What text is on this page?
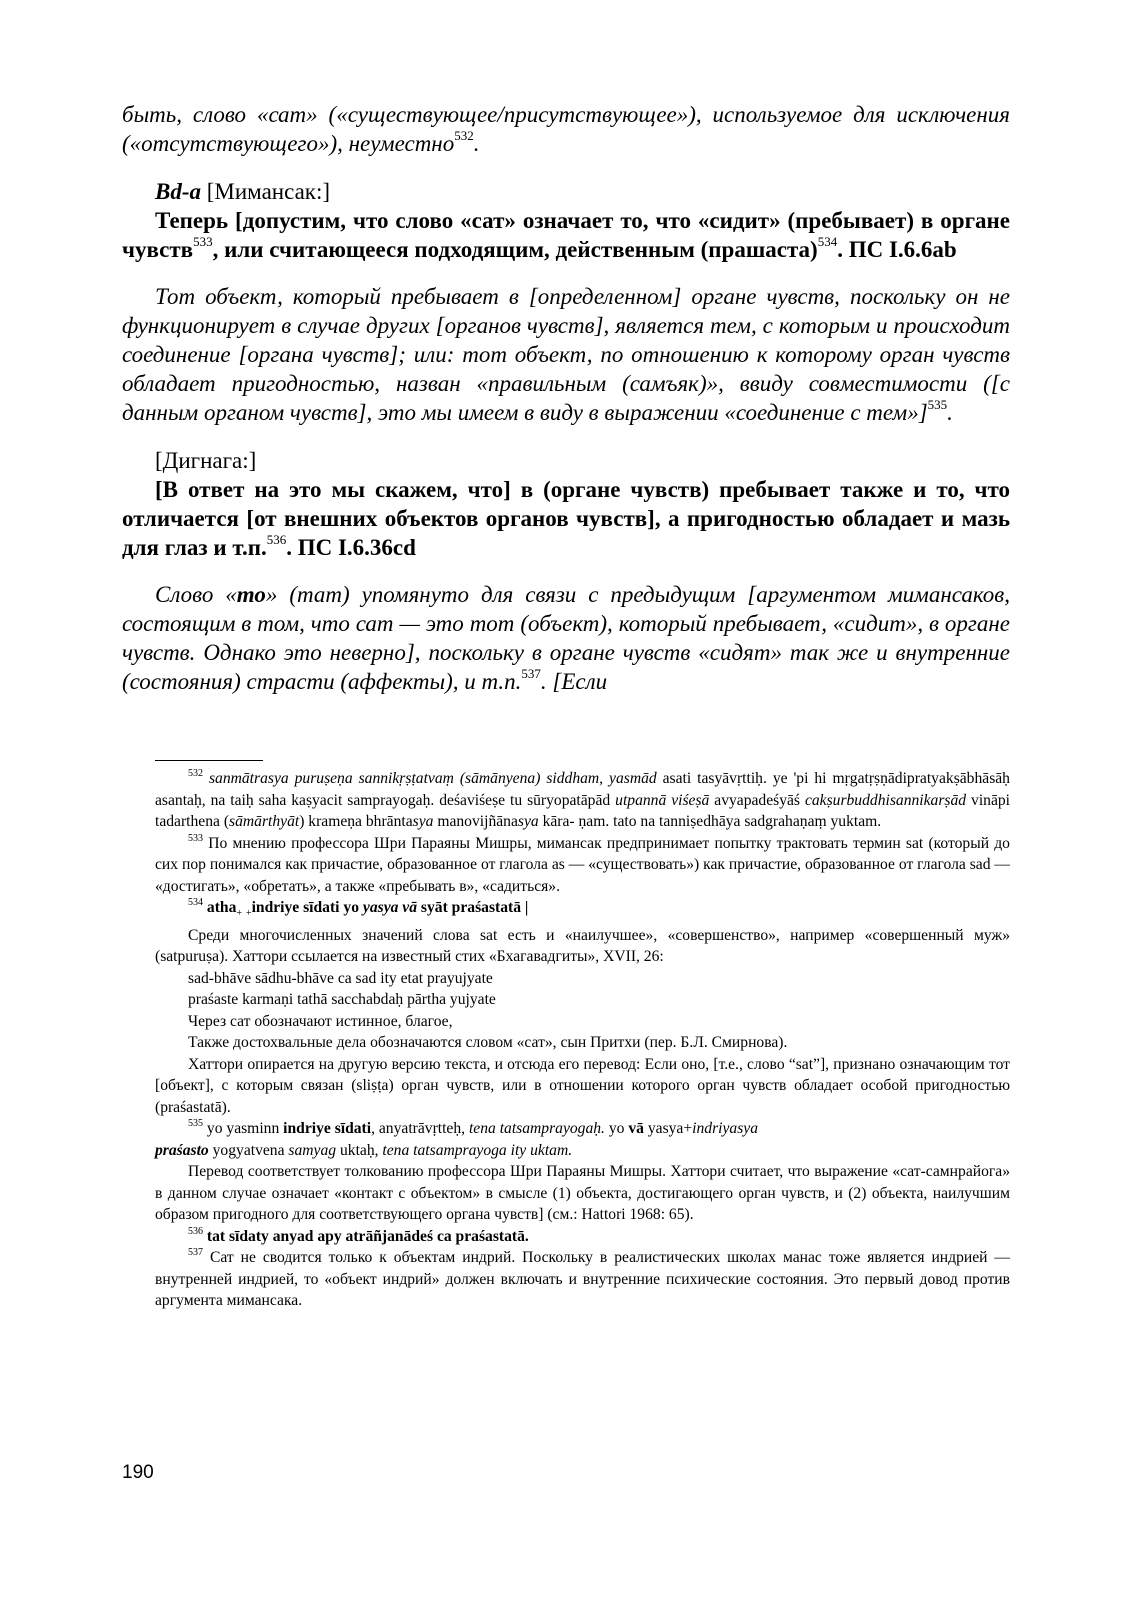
быть, слово «сат» («существующее/присутствующее»), используемое для исключения («отсутствующего»), неуместно$^{532}$.

Bd-a [Мимансак:]

Теперь [допустим, что слово «сат» означает то, что «сидит» (пребывает) в органе чувств$^{533}$, или считающееся подходящим, действенным (прашаста)$^{534}$. ПС I.6.6ab

Тот объект, который пребывает в [определенном] органе чувств, поскольку он не функционирует в случае других [органов чувств], является тем, с которым и происходит соединение [органа чувств]; или: тот объект, по отношению к которому орган чувств обладает пригодностью, назван «правильным (самъяк)», ввиду совместимости ([с данным органом чувств], это мы имеем в виду в выражении «соединение с тем»]$^{535}$.

[Дигнага:]

[В ответ на это мы скажем, что] в (органе чувств) пребывает также и то, что отличается [от внешних объектов органов чувств], а пригодностью обладает и мазь для глаз и т.п.$^{536}$. ПС I.6.36cd

Слово «то» (тат) упомянуто для связи с предыдущим [аргументом мимансаков, состоящим в том, что сат — это тот (объект), который пребывает, «сидит», в органе чувств. Однако это неверно], поскольку в органе чувств «сидят» так же и внутренние (состояния) страсти (аффекты), и т.п.$^{537}$. [Если

$^{532}$ sanmātrasya puruṣeṇa sannikṛṣṭatvaṃ (sāmānyena) siddham, yasmād asati tasyāvṛttiḥ. ye 'pi hi mṛgatṛṣṇādipratyakṣābhāsāḥ asantaḥ, na taiḥ saha kaṣyacit samprayogaḥ. deśaviśeṣe tu sūryopatāpād utpannā viśeṣā avyapadeśyāś cakṣurbuddhisannikarṣād vināpi tadarthena (sāmārthyāt) krameṇa bhrāntasya manovijñānasya kāra- ṇam. tato na tanniṣedhāya sadgrahaṇaṃ yuktam.

$^{533}$ По мнению профессора Шри Параяны Мишры, мимансак предпринимает попытку трактовать термин sat (который до сих пор понимался как причастие, образованное от глагола as — «существовать») как причастие, образованное от глагола sad — «достигать», «обретать», а также «пребывать в», «садиться».

$^{534}$ atha$_+$ $_+$indriye sīdati yo yasya vā syāt praśastatā |

Среди многочисленных значений слова sat есть и «наилучшее», «совершенство», например «совершенный муж» (satpuruṣa). Хаттори ссылается на известный стих «Бхагавадгиты», XVII, 26:

sad-bhāve sādhu-bhāve ca sad ity etat prayujyate

praśaste karmaṇi tathā sacchabdaḥ pārtha yujyate

Через сат обозначают истинное, благое,

Также достохвальные дела обозначаются словом «сат», сын Притхи (пер. Б.Л. Смирнова).

Хаттори опирается на другую версию текста, и отсюда его перевод: Если оно, [т.е., слово “sat”], признано означающим тот [объект], с которым связан (sliṣṭa) орган чувств, или в отношении которого орган чувств обладает особой пригодностью (praśastatā).

$^{535}$ yo yasminn indriye sīdati, anyatrāvṛtteḥ, tena tatsamprayogaḥ. yo vā yasya+indriyasya
praśasto yogyatvena samyag uktaḥ, tena tatsamprayoga ity uktam.

Перевод соответствует толкованию профессора Шри Параяны Мишры. Хаттори считает, что выражение «сат-самнрайога» в данном случае означает «контакт с объектом» в смысле (1) объекта, достигающего орган чувств, и (2) объекта, наилучшим образом пригодного для соответствующего органа чувств] (см.: Hattori 1968: 65).

$^{536}$ tat sīdaty anyad apy atrāñjanādeś ca praśastatā.

$^{537}$ Сат не сводится только к объектам индрий. Поскольку в реалистических школах манас тоже является индрией — внутренней индрией, то «объект индрий» должен включать и внутренние психические состояния. Это первый довод против аргумента мимансака.

190
